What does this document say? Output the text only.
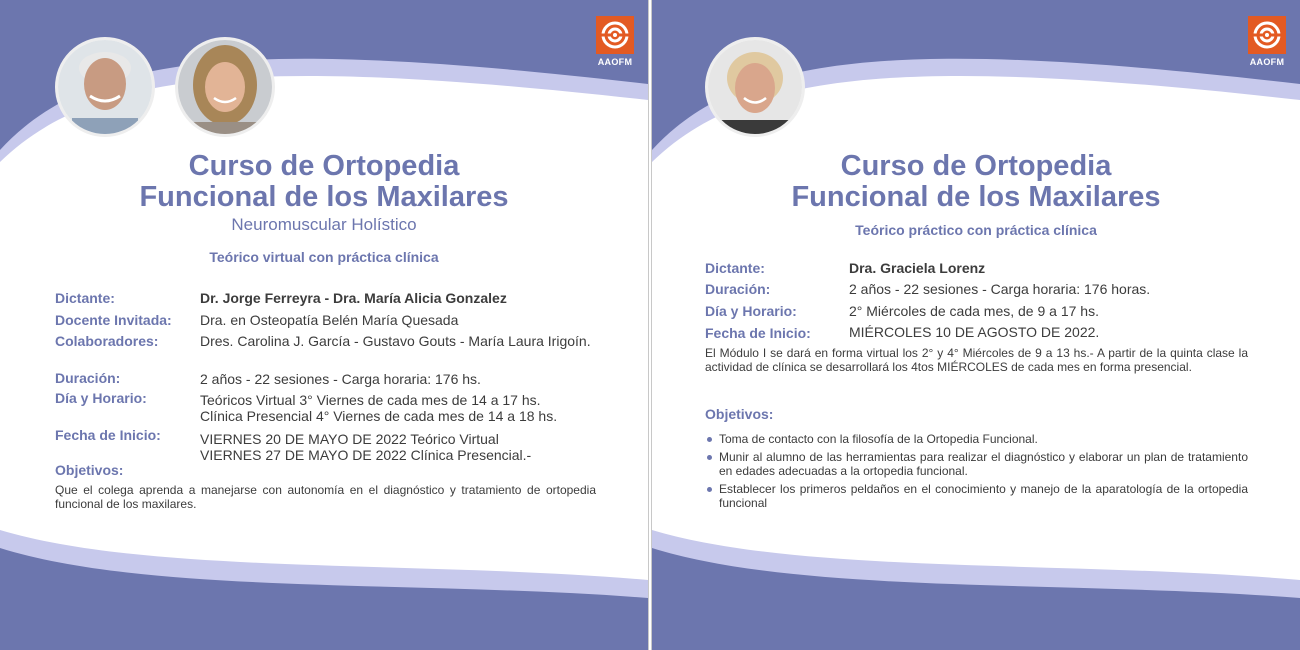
AAOFM
Curso de Ortopedia
Funcional de los Maxilares
Neuromuscular Holístico
Teórico virtual con práctica clínica
Dictante:	Dr. Jorge Ferreyra - Dra. María Alicia Gonzalez
Docente Invitada: Dra. en Osteopatía Belén María Quesada
Colaboradores:	Dres. Carolina J. García - Gustavo Gouts - María Laura Irigoín.
Duración:	2 años - 22 sesiones - Carga horaria: 176 hs.
Día y Horario:	Teóricos Virtual 3° Viernes de cada mes de 14 a 17 hs.
Clínica Presencial 4° Viernes de cada mes de 14 a 18 hs.
Fecha de Inicio:	VIERNES 20 DE MAYO DE 2022 Teórico Virtual
VIERNES 27 DE MAYO DE 2022 Clínica Presencial.-
Objetivos:
Que el colega aprenda a manejarse con autonomía en el diagnóstico y tratamiento de ortopedia funcional de los maxilares.
AAOFM
Curso de Ortopedia
Funcional de los Maxilares
Teórico práctico con práctica clínica
Dictante:	Dra. Graciela Lorenz
Duración:	2 años - 22 sesiones - Carga horaria: 176 horas.
Día y Horario:	2° Miércoles de cada mes, de 9 a 17 hs.
Fecha de Inicio:	MIÉRCOLES 10 DE AGOSTO DE 2022.
El Módulo I se dará en forma virtual los 2° y 4° Miércoles de 9 a 13 hs.- A partir de la quinta clase la actividad de clínica se desarrollará los 4tos MIÉRCOLES de cada mes en forma presencial.
Objetivos:
Toma de contacto con la filosofía de la Ortopedia Funcional.
Munir al alumno de las herramientas para realizar el diagnóstico y elaborar un plan de tratamiento en edades adecuadas a la ortopedia funcional.
Establecer los primeros peldaños en el conocimiento y manejo de la aparatología de la ortopedia funcional
